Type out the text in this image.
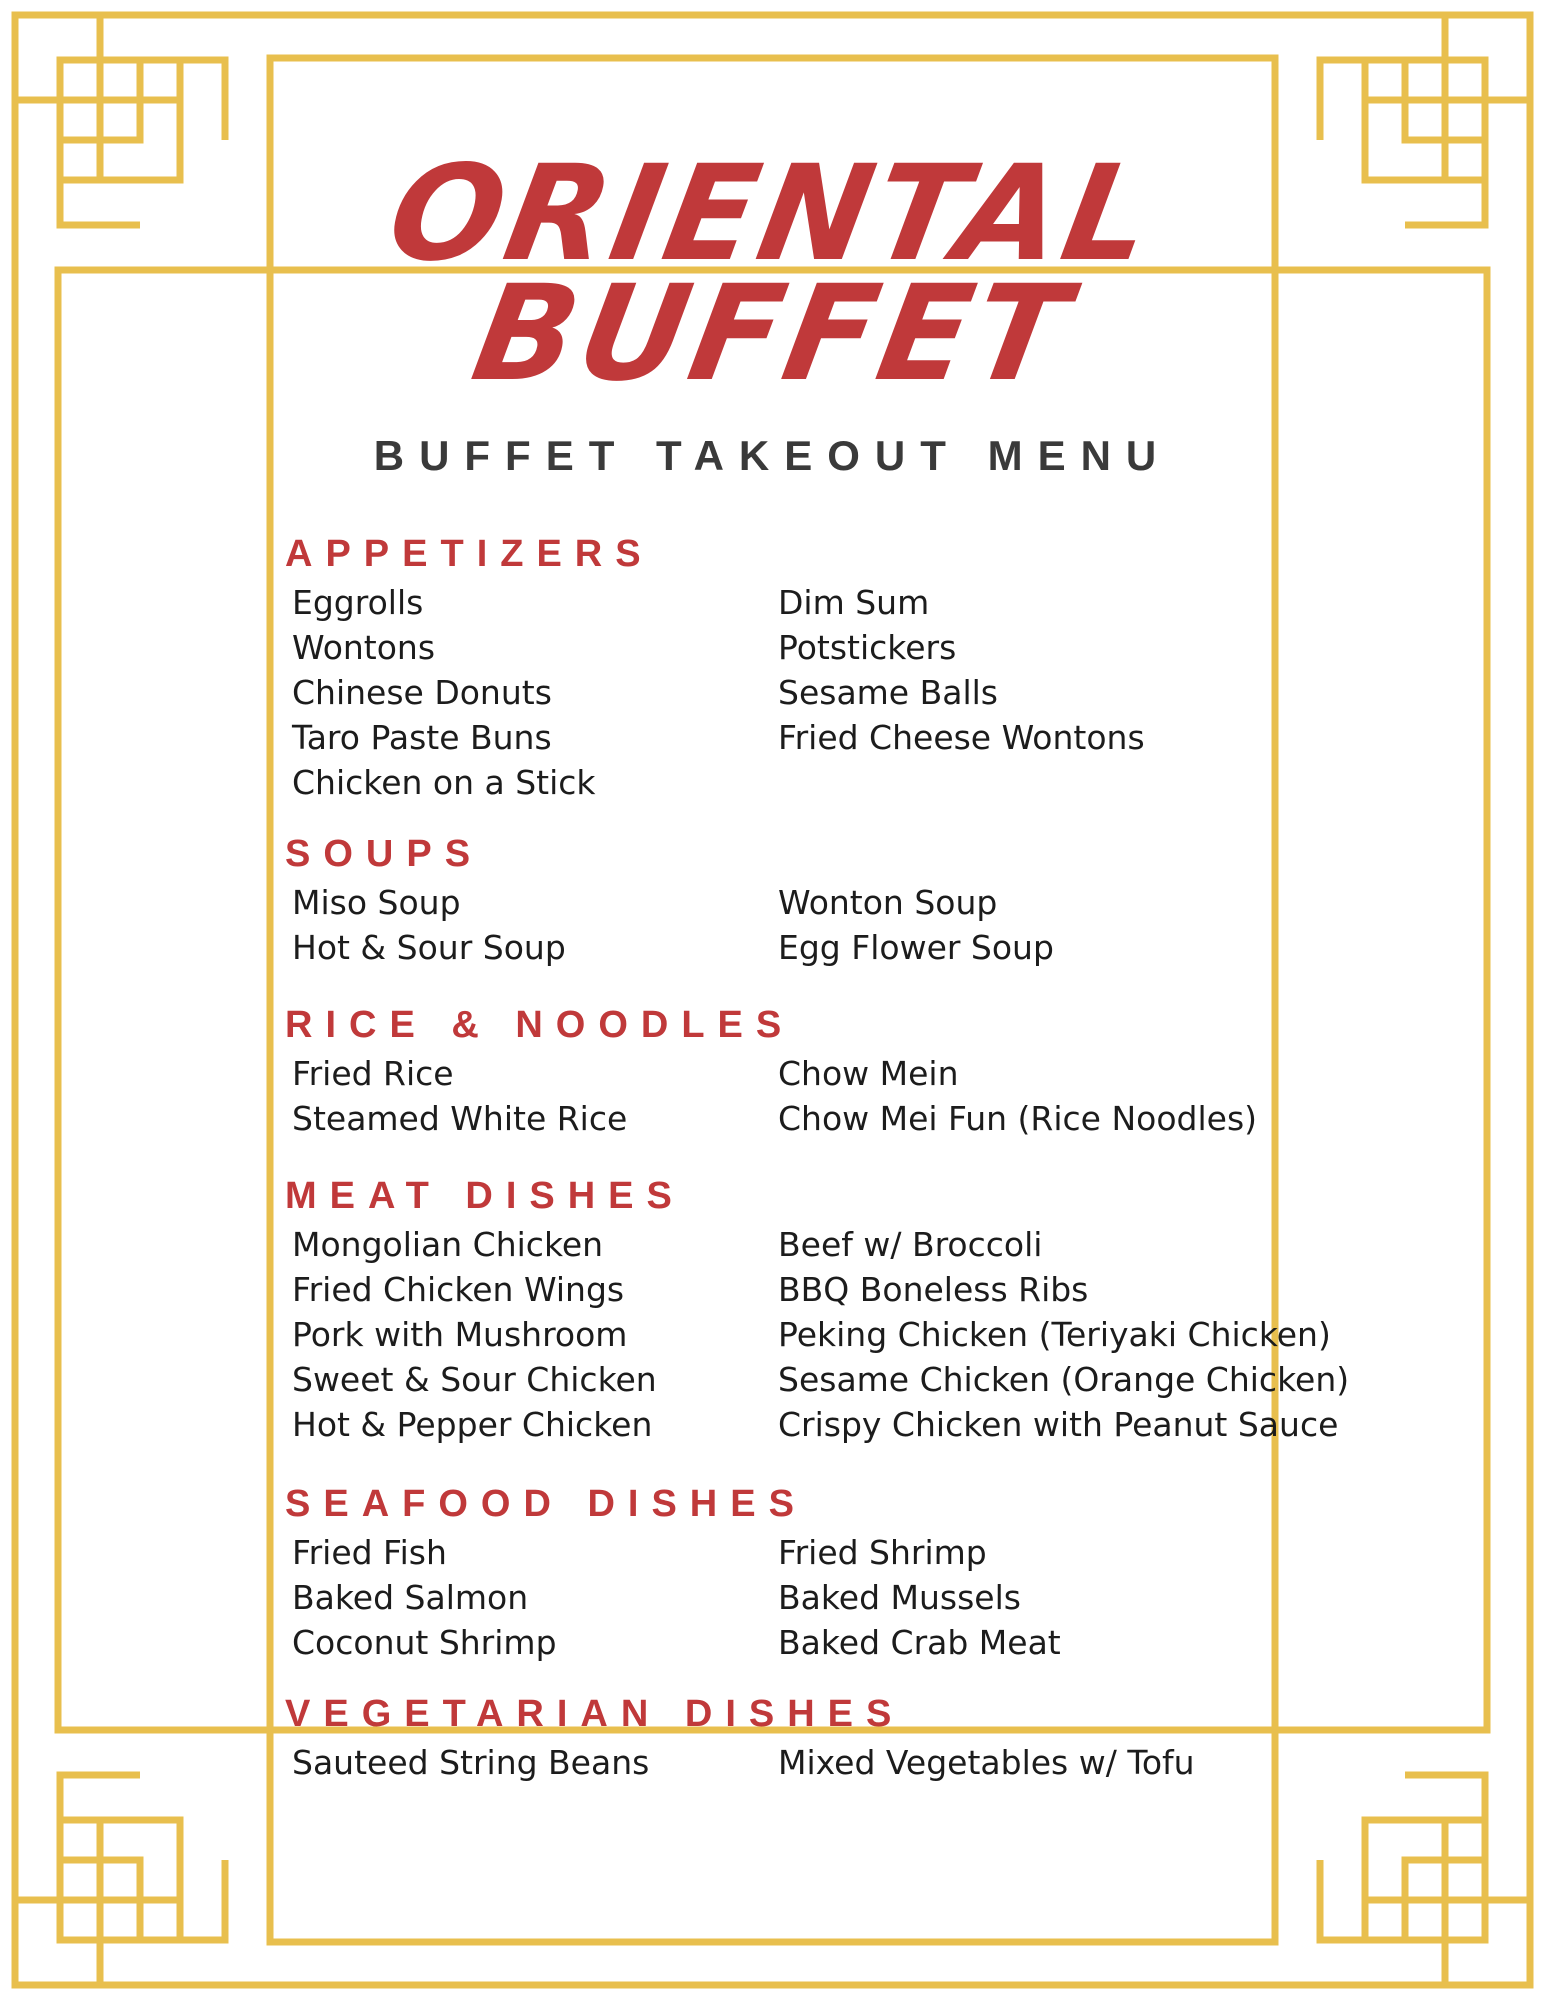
ORIENTAL
BUFFET
BUFFET TAKEOUT MENU
APPETIZERS
Eggrolls
Wontons
Chinese Donuts
Taro Paste Buns
Chicken on a Stick
Dim Sum
Potstickers
Sesame Balls
Fried Cheese Wontons
SOUPS
Miso Soup
Hot & Sour Soup
Wonton Soup
Egg Flower Soup
RICE & NOODLES
Fried Rice
Steamed White Rice
Chow Mein
Chow Mei Fun (Rice Noodles)
MEAT DISHES
Mongolian Chicken
Fried Chicken Wings
Pork with Mushroom
Sweet & Sour Chicken
Hot & Pepper Chicken
Beef w/ Broccoli
BBQ Boneless Ribs
Peking Chicken (Teriyaki Chicken)
Sesame Chicken (Orange Chicken)
Crispy Chicken with Peanut Sauce
SEAFOOD DISHES
Fried Fish
Baked Salmon
Coconut Shrimp
Fried Shrimp
Baked Mussels
Baked Crab Meat
VEGETARIAN DISHES
Sauteed String Beans	Mixed Vegetables w/ Tofu
